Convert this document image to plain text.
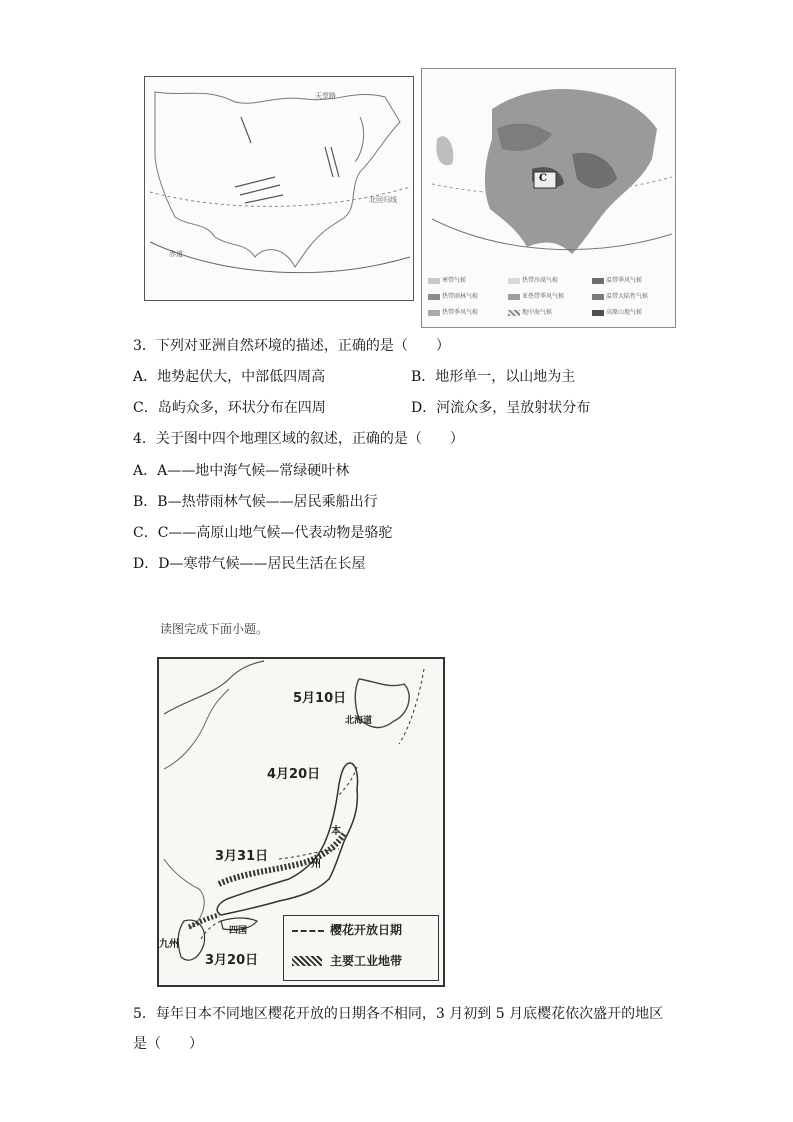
天堂路
北回归线
赤道
C
寒带气候
热带雨林气候
热带季风气候
热带沙漠气候
亚热带季风气候
地中海气候
温带季风气候
温带大陆性气候
高原山地气候
3．下列对亚洲自然环境的描述，正确的是（　　）
A．地势起伏大，中部低四周高	B．地形单一，以山地为主
C．岛屿众多，环状分布在四周	D．河流众多，呈放射状分布
4．关于图中四个地理区域的叙述，正确的是（　　）
A．A——地中海气候—常绿硬叶林
B．B—热带雨林气候——居民乘船出行
C．C——高原山地气候—代表动物是骆驼
D．D—寒带气候——居民生活在长屋
读图完成下面小题。
5月10日
北海道
4月20日
本
州
3月31日
四国
九州
3月20日
樱花开放日期
主要工业地带
5．每年日本不同地区樱花开放的日期各不相同，3 月初到 5 月底樱花依次盛开的地区
是（　　）
